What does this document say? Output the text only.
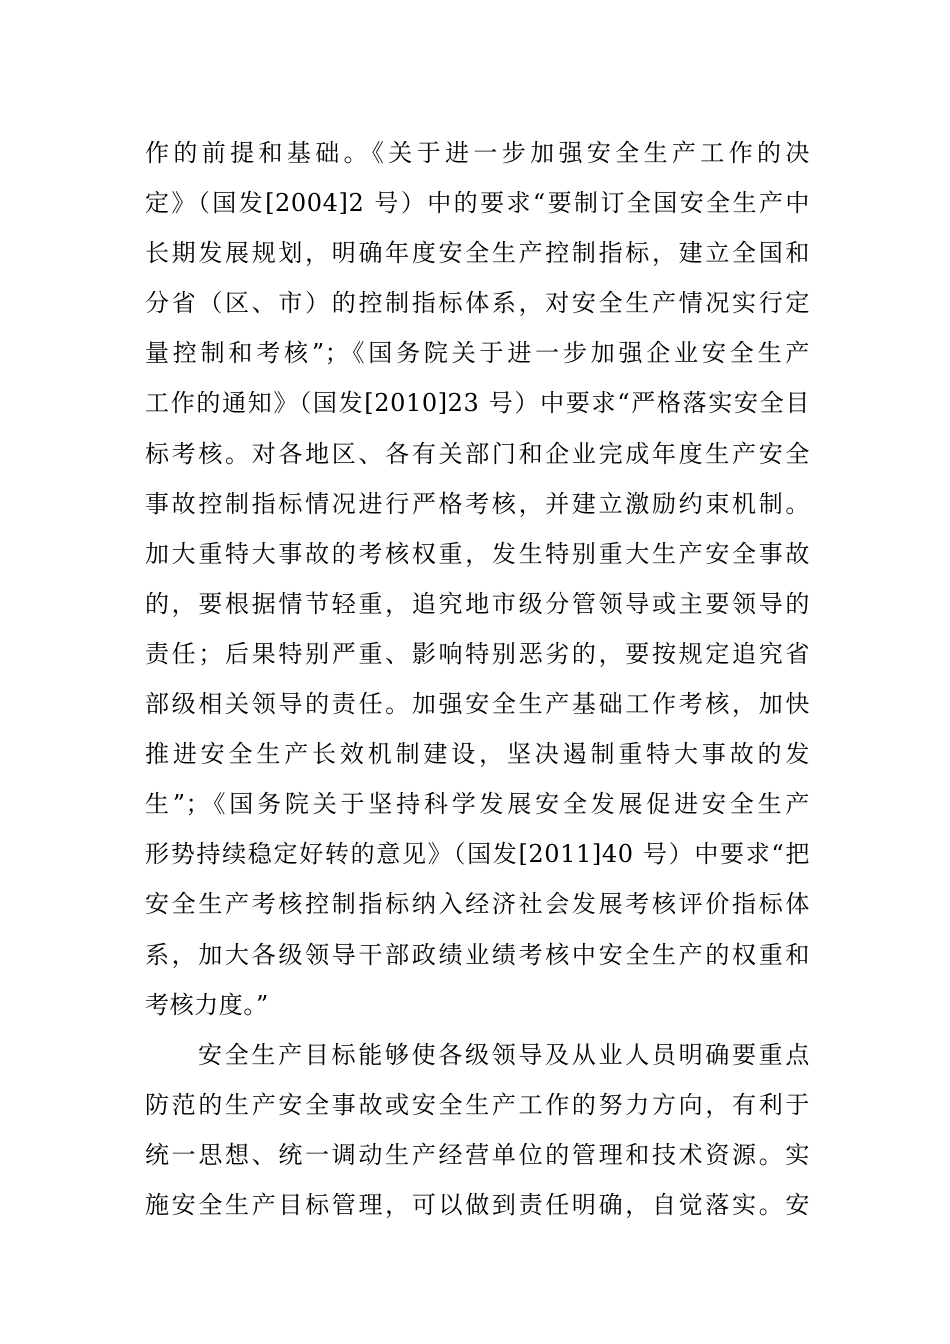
作的前提和基础。《关于进一步加强安全生产工作的决
定》（国发[2004]2 号）中的要求“要制订全国安全生产中
长期发展规划，明确年度安全生产控制指标，建立全国和
分省（区、市）的控制指标体系，对安全生产情况实行定
量控制和考核”；《国务院关于进一步加强企业安全生产
工作的通知》（国发[2010]23 号）中要求“严格落实安全目
标考核。对各地区、各有关部门和企业完成年度生产安全
事故控制指标情况进行严格考核，并建立激励约束机制。
加大重特大事故的考核权重，发生特别重大生产安全事故
的，要根据情节轻重，追究地市级分管领导或主要领导的
责任；后果特别严重、影响特别恶劣的，要按规定追究省
部级相关领导的责任。加强安全生产基础工作考核，加快
推进安全生产长效机制建设，坚决遏制重特大事故的发
生”；《国务院关于坚持科学发展安全发展促进安全生产
形势持续稳定好转的意见》（国发[2011]40 号）中要求“把
安全生产考核控制指标纳入经济社会发展考核评价指标体
系，加大各级领导干部政绩业绩考核中安全生产的权重和
考核力度。”
安全生产目标能够使各级领导及从业人员明确要重点
防范的生产安全事故或安全生产工作的努力方向，有利于
统一思想、统一调动生产经营单位的管理和技术资源。实
施安全生产目标管理，可以做到责任明确，自觉落实。安
